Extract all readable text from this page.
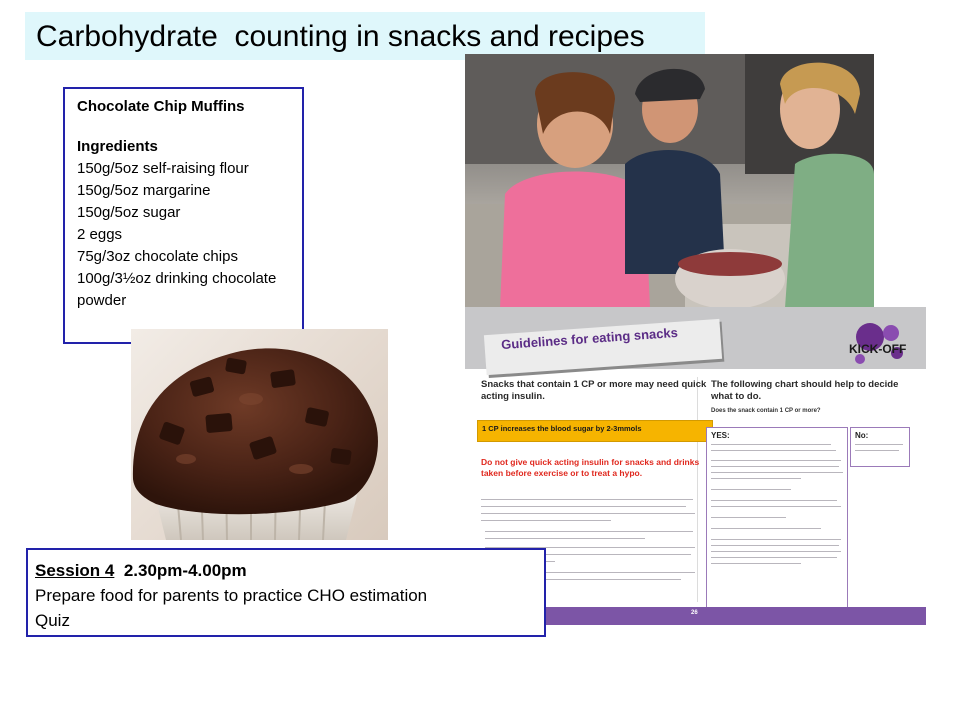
Carbohydrate  counting in snacks and recipes
Chocolate Chip Muffins
Ingredients
150g/5oz self-raising flour
150g/5oz margarine
150g/5oz sugar
2 eggs
75g/3oz chocolate chips
100g/3½oz drinking chocolate powder
Guidelines for eating snacks	KICK-OFF
Snacks that contain 1 CP or more may need quick acting insulin.
1 CP increases the blood sugar by 2-3mmols
Do not give quick acting insulin for snacks and drinks taken before exercise or to treat a hypo.
The following chart should help to decide what to do.
Does the snack contain 1 CP or more?
YES:	No:
26
Session 4 2.30pm-4.00pm
Prepare food for parents to practice CHO estimation
Quiz
